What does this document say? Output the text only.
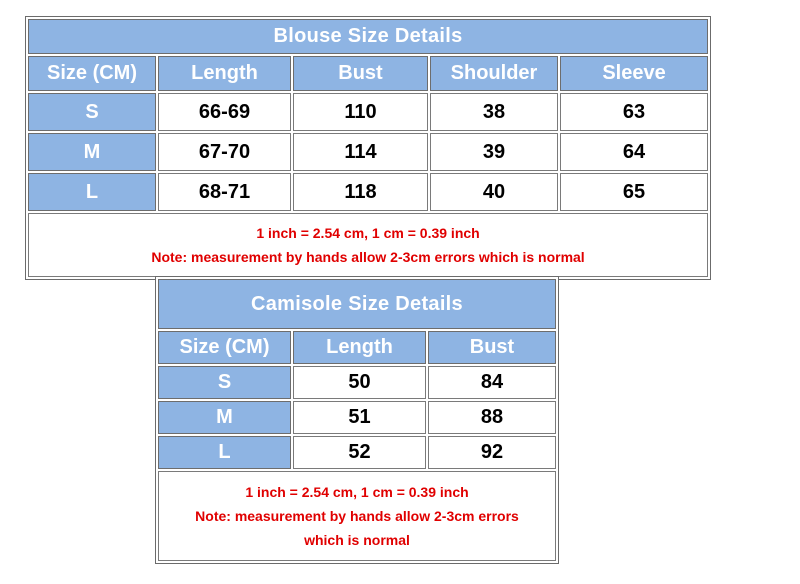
Blouse Size Details				
Size (CM)	Length	Bust	Shoulder	Sleeve
S	66-69	110	38	63
M	67-70	114	39	64
L	68-71	118	40	65

1 inch = 2.54 cm, 1 cm = 0.39 inch
Note: measurement by hands allow 2-3cm errors which is normal				
Camisole Size Details		
Size (CM)	Length	Bust
S	50	84
M	51	88
L	52	92

1 inch = 2.54 cm, 1 cm = 0.39 inch
Note: measurement by hands allow 2-3cm errors
which is normal		
